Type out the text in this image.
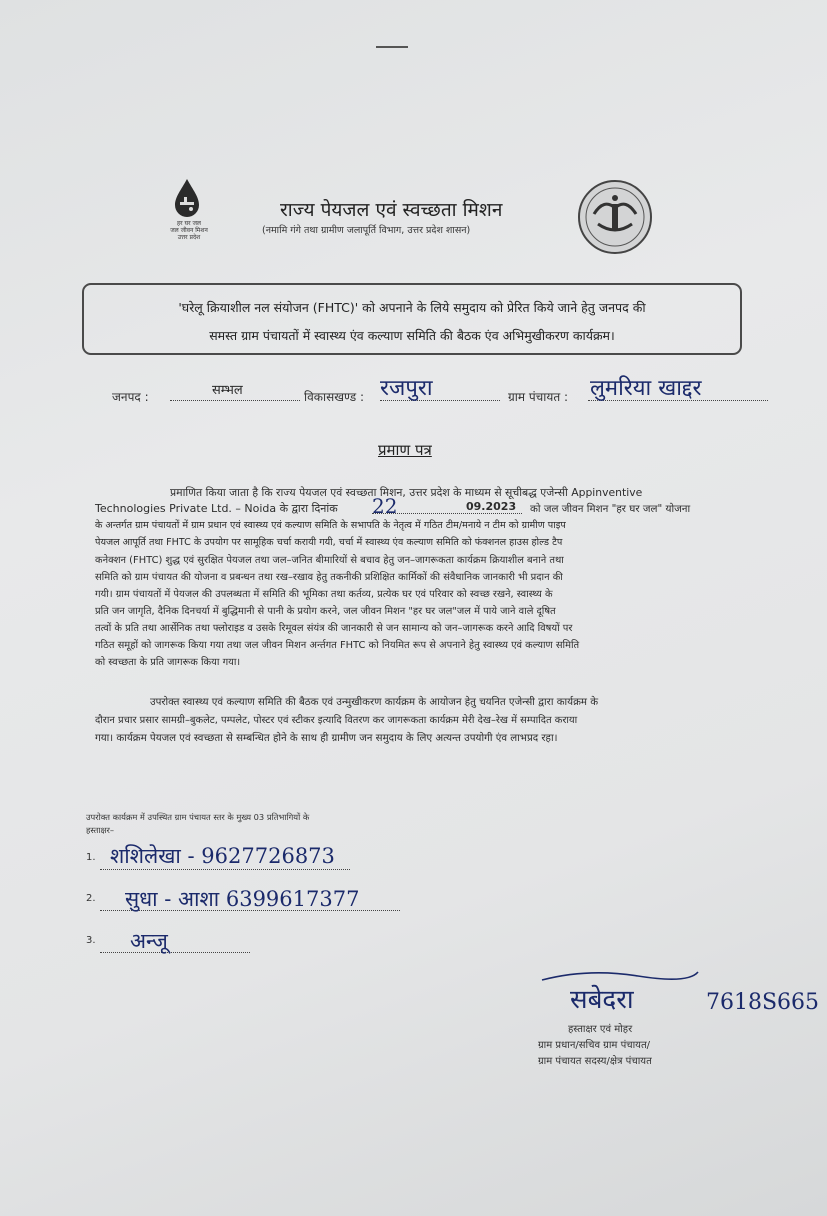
हर घर जल
जल जीवन मिशन
उत्तर प्रदेश
राज्य पेयजल एवं स्वच्छता मिशन
(नमामि गंगे तथा ग्रामीण जलापूर्ति विभाग, उत्तर प्रदेश शासन)
'घरेलू क्रियाशील नल संयोजन (FHTC)' को अपनाने के लिये समुदाय को प्रेरित किये जाने हेतु जनपद की
समस्त ग्राम पंचायतों में स्वास्थ्य एंव कल्याण समिति की बैठक एंव अभिमुखीकरण कार्यक्रम।
जनपद :	सम्भल	विकासखण्ड : रजपुरा	ग्राम पंचायत : लुमरिया खाद्दर
प्रमाण पत्र
प्रमाणित किया जाता है कि राज्य पेयजल एवं स्वच्छता मिशन, उत्तर प्रदेश के माध्यम से सूचीबद्ध एजेन्सी Appinventive
Technologies Private Ltd. – Noida के द्वारा दिनांक 22	09.2023 को जल जीवन मिशन "हर घर जल" योजना
के अन्तर्गत ग्राम पंचायतों में ग्राम प्रधान एवं स्वास्थ्य एवं कल्याण समिति के सभापति के नेतृत्व में गठित टीम/मनाये न टीम को ग्रामीण पाइप
पेयजल आपूर्ति तथा FHTC के उपयोग पर सामूहिक चर्चा करायी गयी, चर्चा में स्वास्थ्य एंव कल्याण समिति को फंक्शनल हाउस होल्ड टैप
कनेक्शन (FHTC) शुद्ध एवं सुरक्षित पेयजल तथा जल–जनित बीमारियों से बचाव हेतु जन–जागरूकता कार्यक्रम क्रियाशील बनाने तथा
समिति को ग्राम पंचायत की योजना व प्रबन्धन तथा रख–रखाव हेतु तकनीकी प्रशिक्षित कार्मिकों की संवैधानिक जानकारी भी प्रदान की
गयी। ग्राम पंचायतों में पेयजल की उपलब्धता में समिति की भूमिका तथा कर्तव्य, प्रत्येक घर एवं परिवार को स्वच्छ रखने, स्वास्थ्य के
प्रति जन जागृति, दैनिक दिनचर्या में बुद्धिमानी से पानी के प्रयोग करने, जल जीवन मिशन "हर घर जल"जल में पाये जाने वाले दूषित
तत्वों के प्रति तथा आर्सेनिक तथा फ्लोराइड व उसके रिमूवल संयंत्र की जानकारी से जन सामान्य को जन–जागरूक करने आदि विषयों पर
गठित समूहों को जागरूक किया गया तथा जल जीवन मिशन अर्न्तगत FHTC को नियमित रूप से अपनाने हेतु स्वास्थ्य एवं कल्याण समिति
को स्वच्छता के प्रति जागरूक किया गया।
उपरोक्त स्वास्थ्य एवं कल्याण समिति की बैठक एवं उन्मुखीकरण कार्यक्रम के आयोजन हेतु चयनित एजेन्सी द्वारा कार्यक्रम के
दौरान प्रचार प्रसार सामग्री–बुकलेट, पम्पलेट, पोस्टर एवं स्टीकर इत्यादि वितरण कर जागरूकता कार्यक्रम मेरी देख–रेख में सम्पादित कराया
गया। कार्यक्रम पेयजल एवं स्वच्छता से सम्बन्धित होने के साथ ही ग्रामीण जन समुदाय के लिए अत्यन्त उपयोगी एंव लाभप्रद रहा।
उपरोक्त कार्यक्रम में उपस्थित ग्राम पंचायत स्तर के मुख्य 03 प्रतिभागियों के
हस्ताक्षर–
1. शशिलेखा - 9627726873
2. सुधा - आशा 6399617377
3. अन्जू
सबेदरा	7618S665
हस्ताक्षर एवं मोहर
ग्राम प्रधान/सचिव ग्राम पंचायत/
ग्राम पंचायत सदस्य/क्षेत्र पंचायत
